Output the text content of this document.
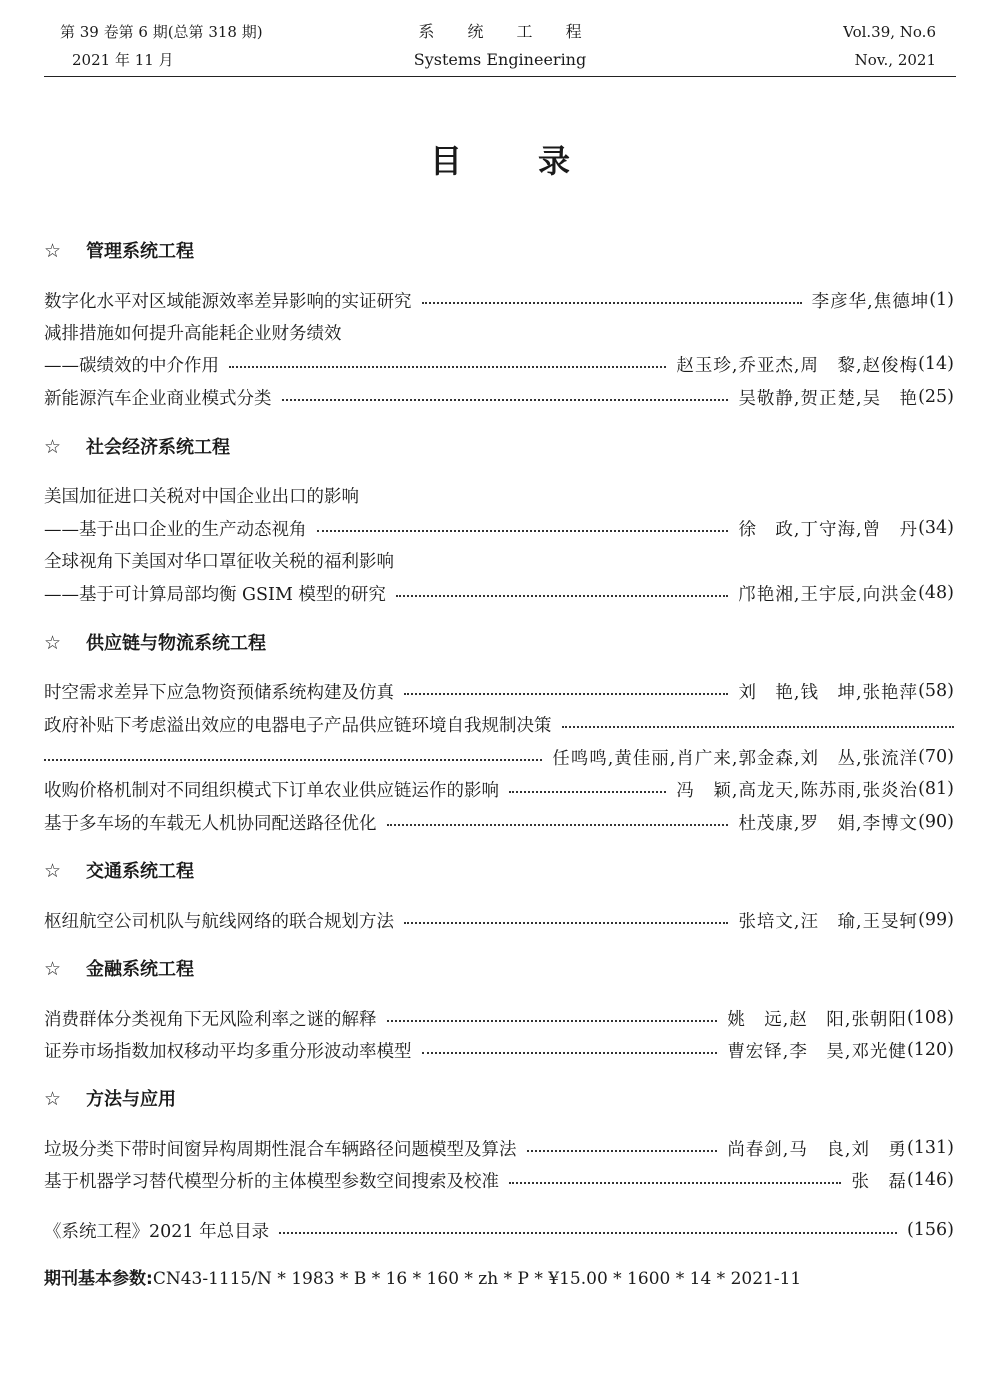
第 39 卷第 6 期(总第 318 期)
2021 年 11 月
系 统 工 程
Systems Engineering
Vol.39, No.6
Nov., 2021
目录
☆ 管理系统工程
数字化水平对区域能源效率差异影响的实证研究	李彦华,焦德坤 (1)
减排措施如何提升高能耗企业财务绩效
—— 碳绩效的中介作用	赵玉珍,乔亚杰,周　黎,赵俊梅 (14)
新能源汽车企业商业模式分类	吴敬静,贺正楚,吴　艳 (25)
☆ 社会经济系统工程
美国加征进口关税对中国企业出口的影响
—— 基于出口企业的生产动态视角	徐　政,丁守海,曾　丹 (34)
全球视角下美国对华口罩征收关税的福利影响
—— 基于可计算局部均衡 GSIM 模型的研究	邝艳湘,王宇辰,向洪金 (48)
☆ 供应链与物流系统工程
时空需求差异下应急物资预储系统构建及仿真	刘　艳,钱　坤,张艳萍 (58)
政府补贴下考虑溢出效应的电器电子产品供应链环境自我规制决策
任鸣鸣,黄佳丽,肖广来,郭金森,刘　丛,张流洋 (70)
收购价格机制对不同组织模式下订单农业供应链运作的影响	冯　颖,高龙天,陈苏雨,张炎治 (81)
基于多车场的车载无人机协同配送路径优化	杜茂康,罗　娟,李博文 (90)
☆ 交通系统工程
枢纽航空公司机队与航线网络的联合规划方法	张培文,汪　瑜,王旻轲 (99)
☆ 金融系统工程
消费群体分类视角下无风险利率之谜的解释	姚　远,赵　阳,张朝阳 (108)
证券市场指数加权移动平均多重分形波动率模型	曹宏铎,李　昊,邓光健 (120)
☆ 方法与应用
垃圾分类下带时间窗异构周期性混合车辆路径问题模型及算法	尚春剑,马　良,刘　勇 (131)
基于机器学习替代模型分析的主体模型参数空间搜索及校准	张　磊 (146)
《系统工程》2021 年总目录	(156)
期刊基本参数:CN43-1115/N * 1983 * B * 16 * 160 * zh * P * ¥15.00 * 1600 * 14 * 2021-11
